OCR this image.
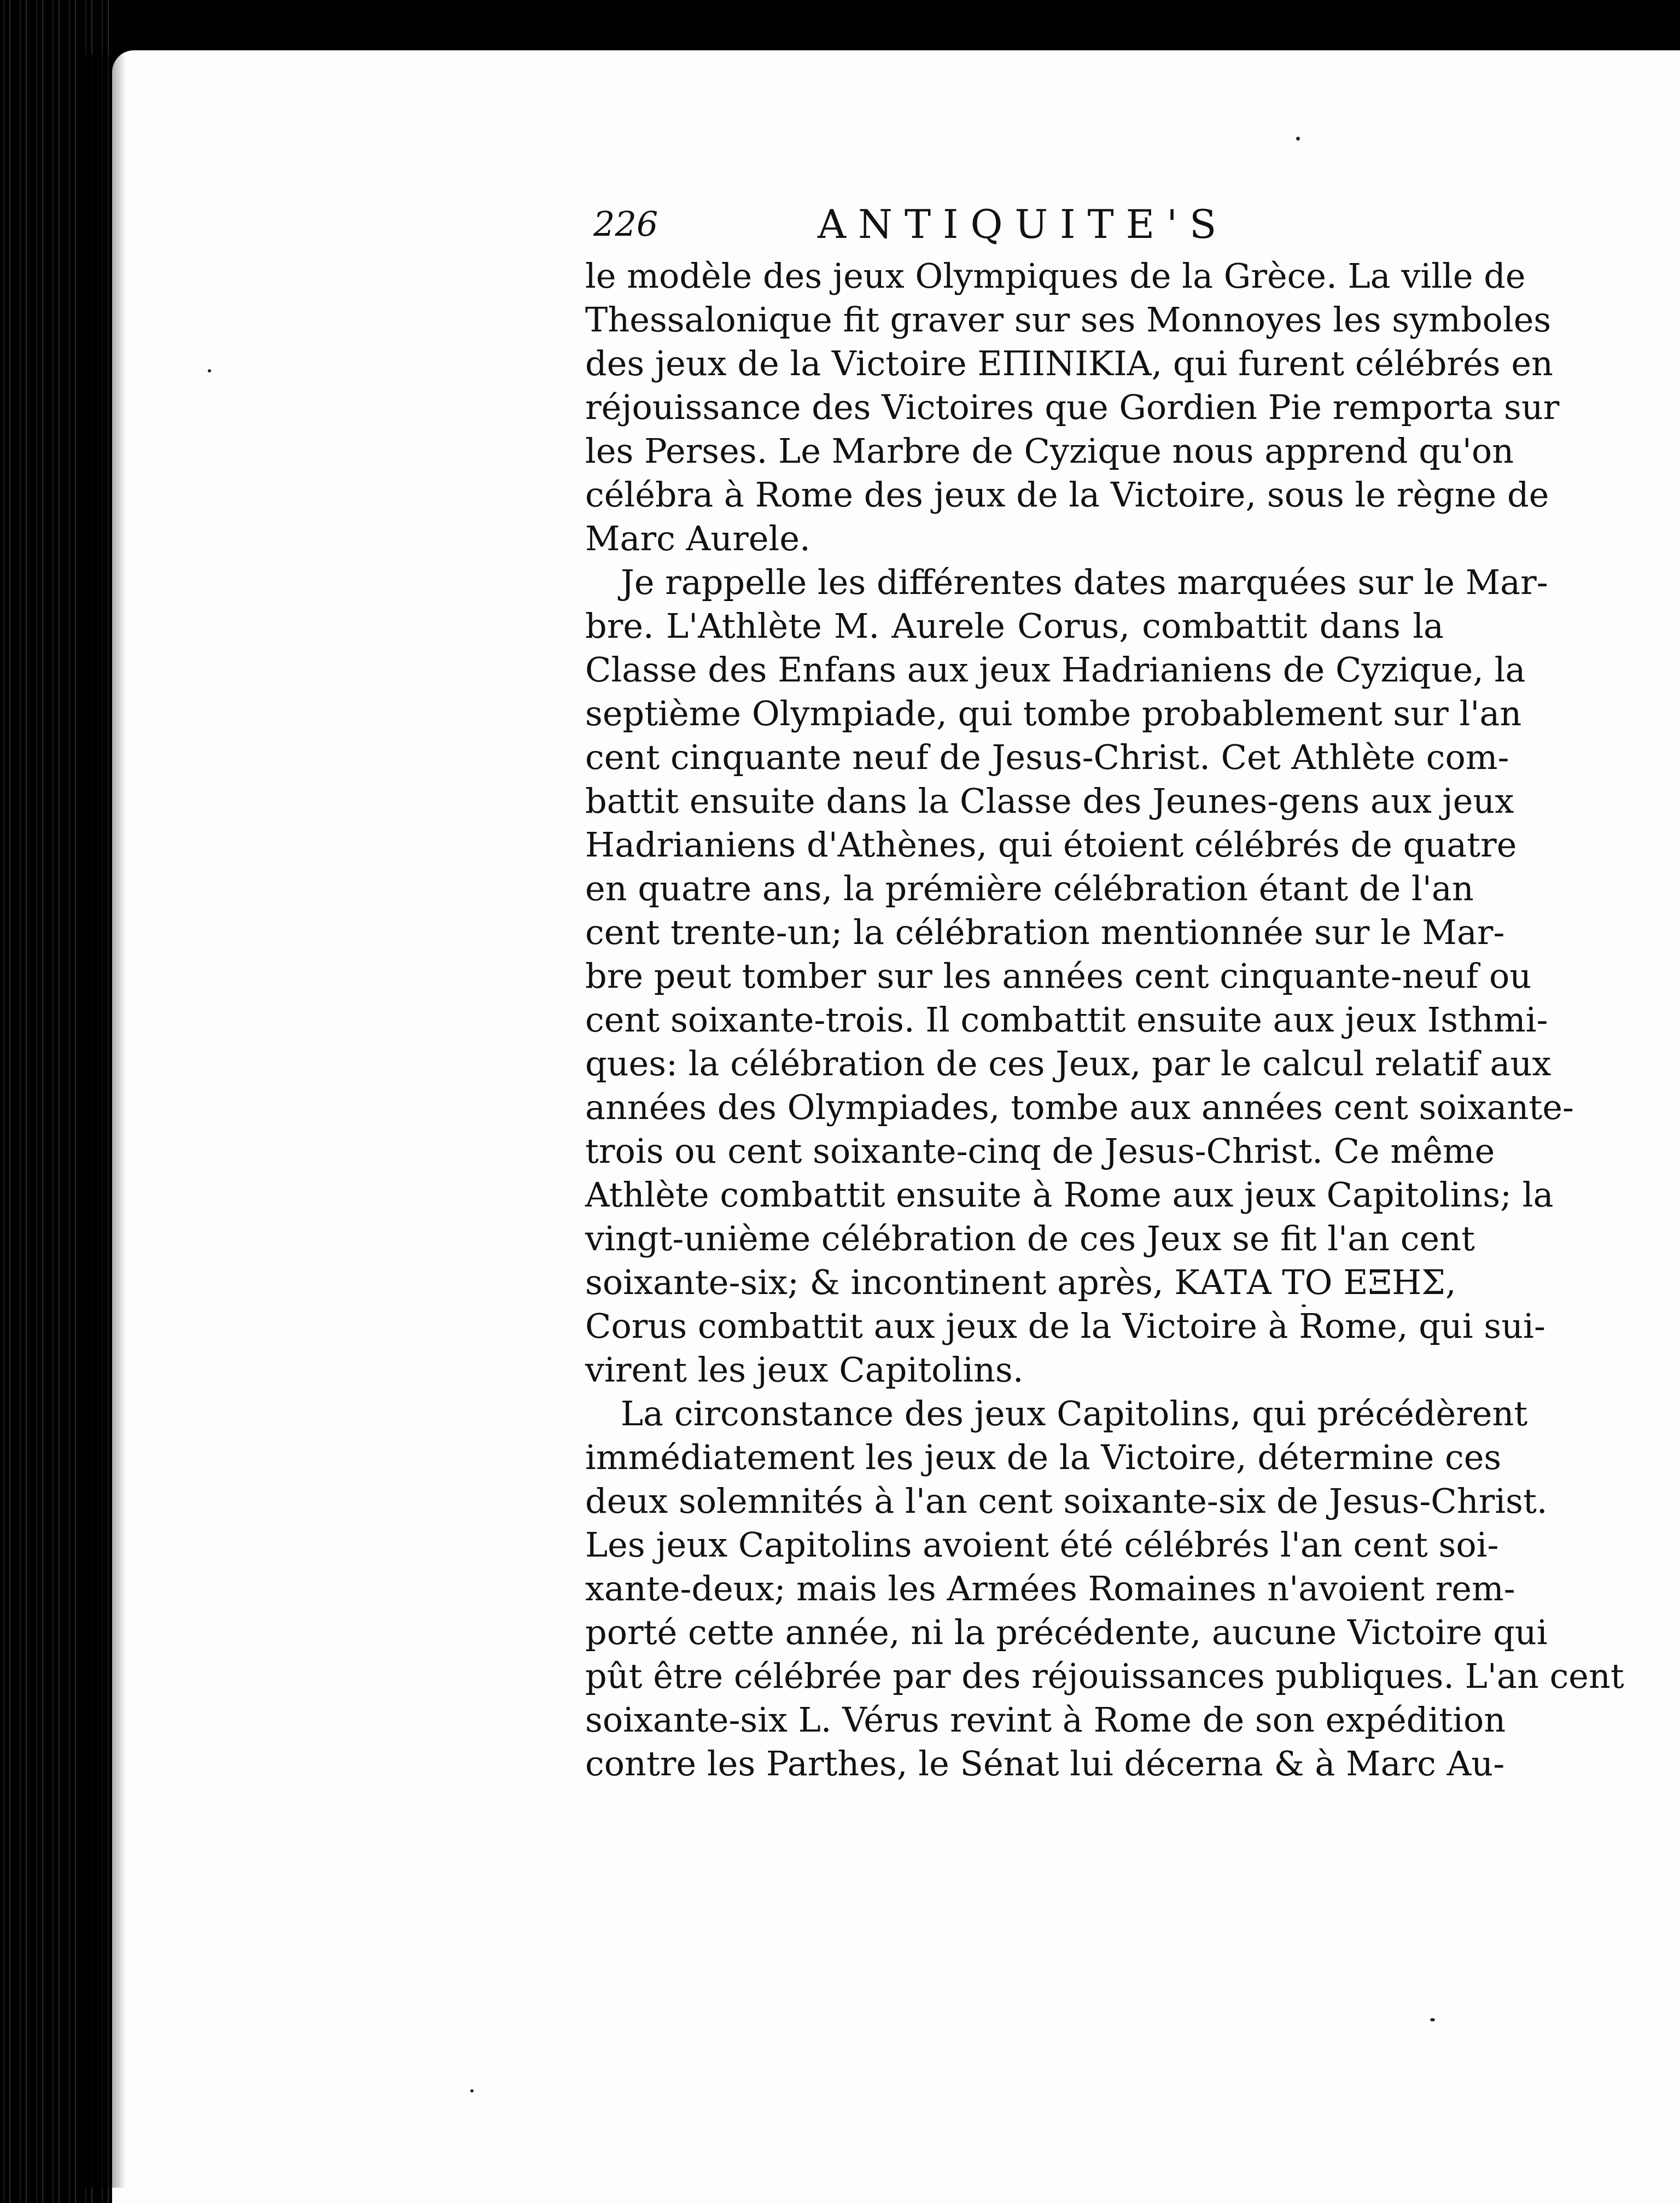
226	ANTIQUITE'S
le modèle des jeux Olympiques de la Grèce. La ville de
Thessalonique fit graver sur ses Monnoyes les symboles
des jeux de la Victoire ΕΠΙΝΙΚΙΑ, qui furent célébrés en
réjouissance des Victoires que Gordien Pie remporta sur
les Perses. Le Marbre de Cyzique nous apprend qu'on
célébra à Rome des jeux de la Victoire, sous le règne de
Marc Aurele.
Je rappelle les différentes dates marquées sur le Mar-
bre. L'Athlète M. Aurele Corus, combattit dans la
Classe des Enfans aux jeux Hadrianiens de Cyzique, la
septième Olympiade, qui tombe probablement sur l'an
cent cinquante neuf de Jesus-Christ. Cet Athlète com-
battit ensuite dans la Classe des Jeunes-gens aux jeux
Hadrianiens d'Athènes, qui étoient célébrés de quatre
en quatre ans, la prémière célébration étant de l'an
cent trente-un; la célébration mentionnée sur le Mar-
bre peut tomber sur les années cent cinquante-neuf ou
cent soixante-trois. Il combattit ensuite aux jeux Isthmi-
ques: la célébration de ces Jeux, par le calcul relatif aux
années des Olympiades, tombe aux années cent soixante-
trois ou cent soixante-cinq de Jesus-Christ. Ce même
Athlète combattit ensuite à Rome aux jeux Capitolins; la
vingt-unième célébration de ces Jeux se fit l'an cent
soixante-six; & incontinent après, ΚΑΤΑ ΤΟ ΕΞΗΣ,
Corus combattit aux jeux de la Victoire à Rome, qui sui-
virent les jeux Capitolins.
La circonstance des jeux Capitolins, qui précédèrent
immédiatement les jeux de la Victoire, détermine ces
deux solemnités à l'an cent soixante-six de Jesus-Christ.
Les jeux Capitolins avoient été célébrés l'an cent soi-
xante-deux; mais les Armées Romaines n'avoient rem-
porté cette année, ni la précédente, aucune Victoire qui
pût être célébrée par des réjouissances publiques. L'an cent
soixante-six L. Vérus revint à Rome de son expédition
contre les Parthes, le Sénat lui décerna & à Marc Au-
